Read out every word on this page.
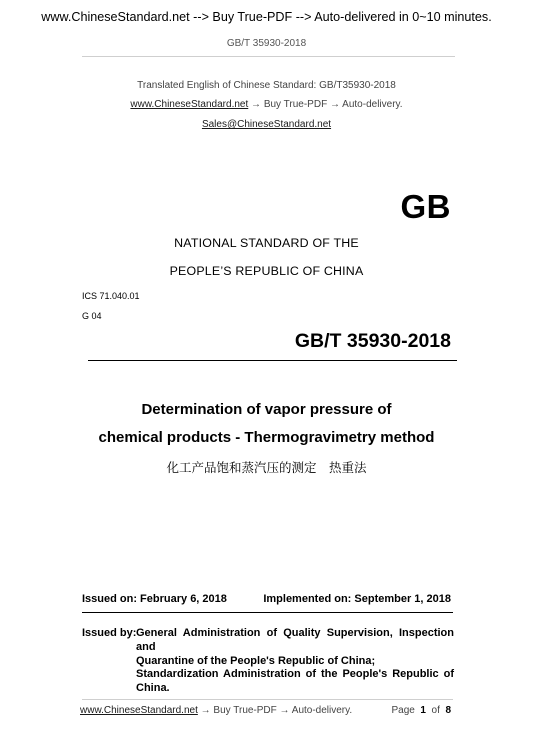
www.ChineseStandard.net --> Buy True-PDF --> Auto-delivered in 0~10 minutes.
GB/T 35930-2018
Translated English of Chinese Standard: GB/T35930-2018
www.ChineseStandard.net → Buy True-PDF → Auto-delivery.
Sales@ChineseStandard.net
GB
NATIONAL STANDARD OF THE
PEOPLE’S REPUBLIC OF CHINA
ICS 71.040.01
G 04
GB/T 35930-2018
Determination of vapor pressure of
chemical products - Thermogravimetry method
化工产品饱和蒸汽压的测定　热重法
Issued on: February 6, 2018	Implemented on: September 1, 2018
Issued by: General Administration of Quality Supervision, Inspection and
Quarantine of the People's Republic of China;
Standardization Administration of the People's Republic of
China.
www.ChineseStandard.net → Buy True-PDF → Auto-delivery.	Page 1 of 8
